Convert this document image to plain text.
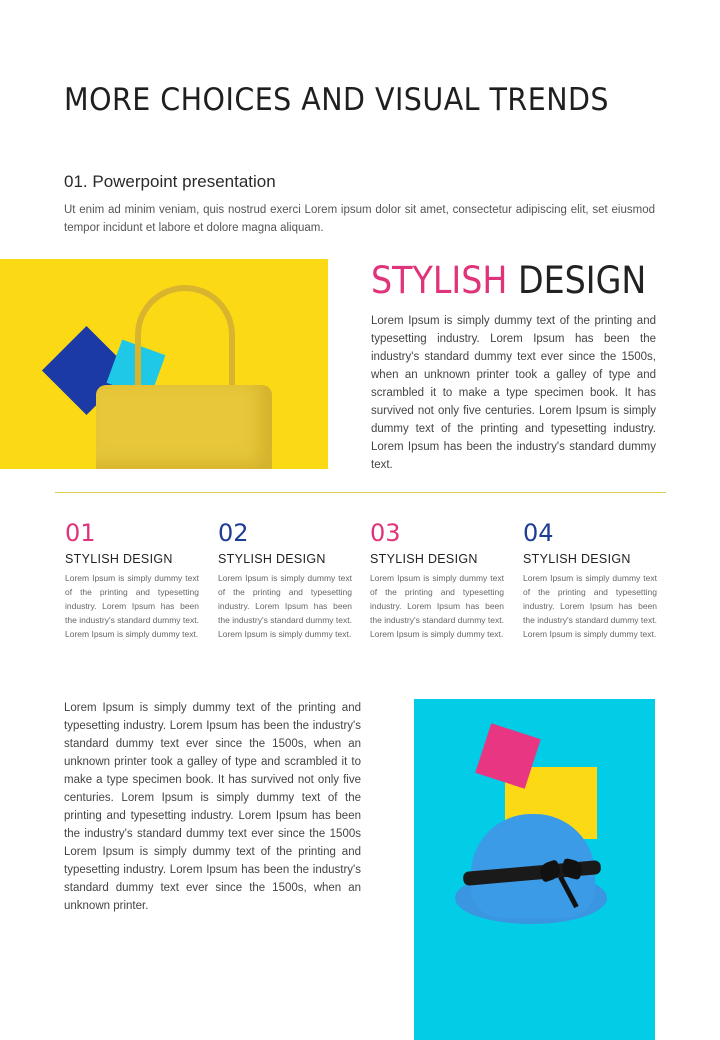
MORE CHOICES AND VISUAL TRENDS
01. Powerpoint presentation
Ut enim ad minim veniam, quis nostrud exerci Lorem ipsum dolor sit amet, consectetur adipiscing elit, set eiusmod tempor incidunt et labore et dolore magna aliquam.
STYLISH DESIGN
Lorem Ipsum is simply dummy text of the printing and typesetting industry. Lorem Ipsum has been the industry's standard dummy text ever since the 1500s, when an unknown printer took a galley of type and scrambled it to make a type specimen book. It has survived not only five centuries. Lorem Ipsum is simply dummy text of the printing and typesetting industry. Lorem Ipsum has been the industry's standard dummy text.
01
STYLISH DESIGN
Lorem Ipsum is simply dummy text of the printing and typesetting industry. Lorem Ipsum has been the industry's standard dummy text. Lorem Ipsum is simply dummy text.
02
STYLISH DESIGN
Lorem Ipsum is simply dummy text of the printing and typesetting industry. Lorem Ipsum has been the industry's standard dummy text. Lorem Ipsum is simply dummy text.
03
STYLISH DESIGN
Lorem Ipsum is simply dummy text of the printing and typesetting industry. Lorem Ipsum has been the industry's standard dummy text. Lorem Ipsum is simply dummy text.
04
STYLISH DESIGN
Lorem Ipsum is simply dummy text of the printing and typesetting industry. Lorem Ipsum has been the industry's standard dummy text. Lorem Ipsum is simply dummy text.
Lorem Ipsum is simply dummy text of the printing and typesetting industry. Lorem Ipsum has been the industry's standard dummy text ever since the 1500s, when an unknown printer took a galley of type and scrambled it to make a type specimen book. It has survived not only five centuries. Lorem Ipsum is simply dummy text of the printing and typesetting industry. Lorem Ipsum has been the industry's standard dummy text ever since the 1500s Lorem Ipsum is simply dummy text of the printing and typesetting industry. Lorem Ipsum has been the industry's standard dummy text ever since the 1500s, when an unknown printer.
